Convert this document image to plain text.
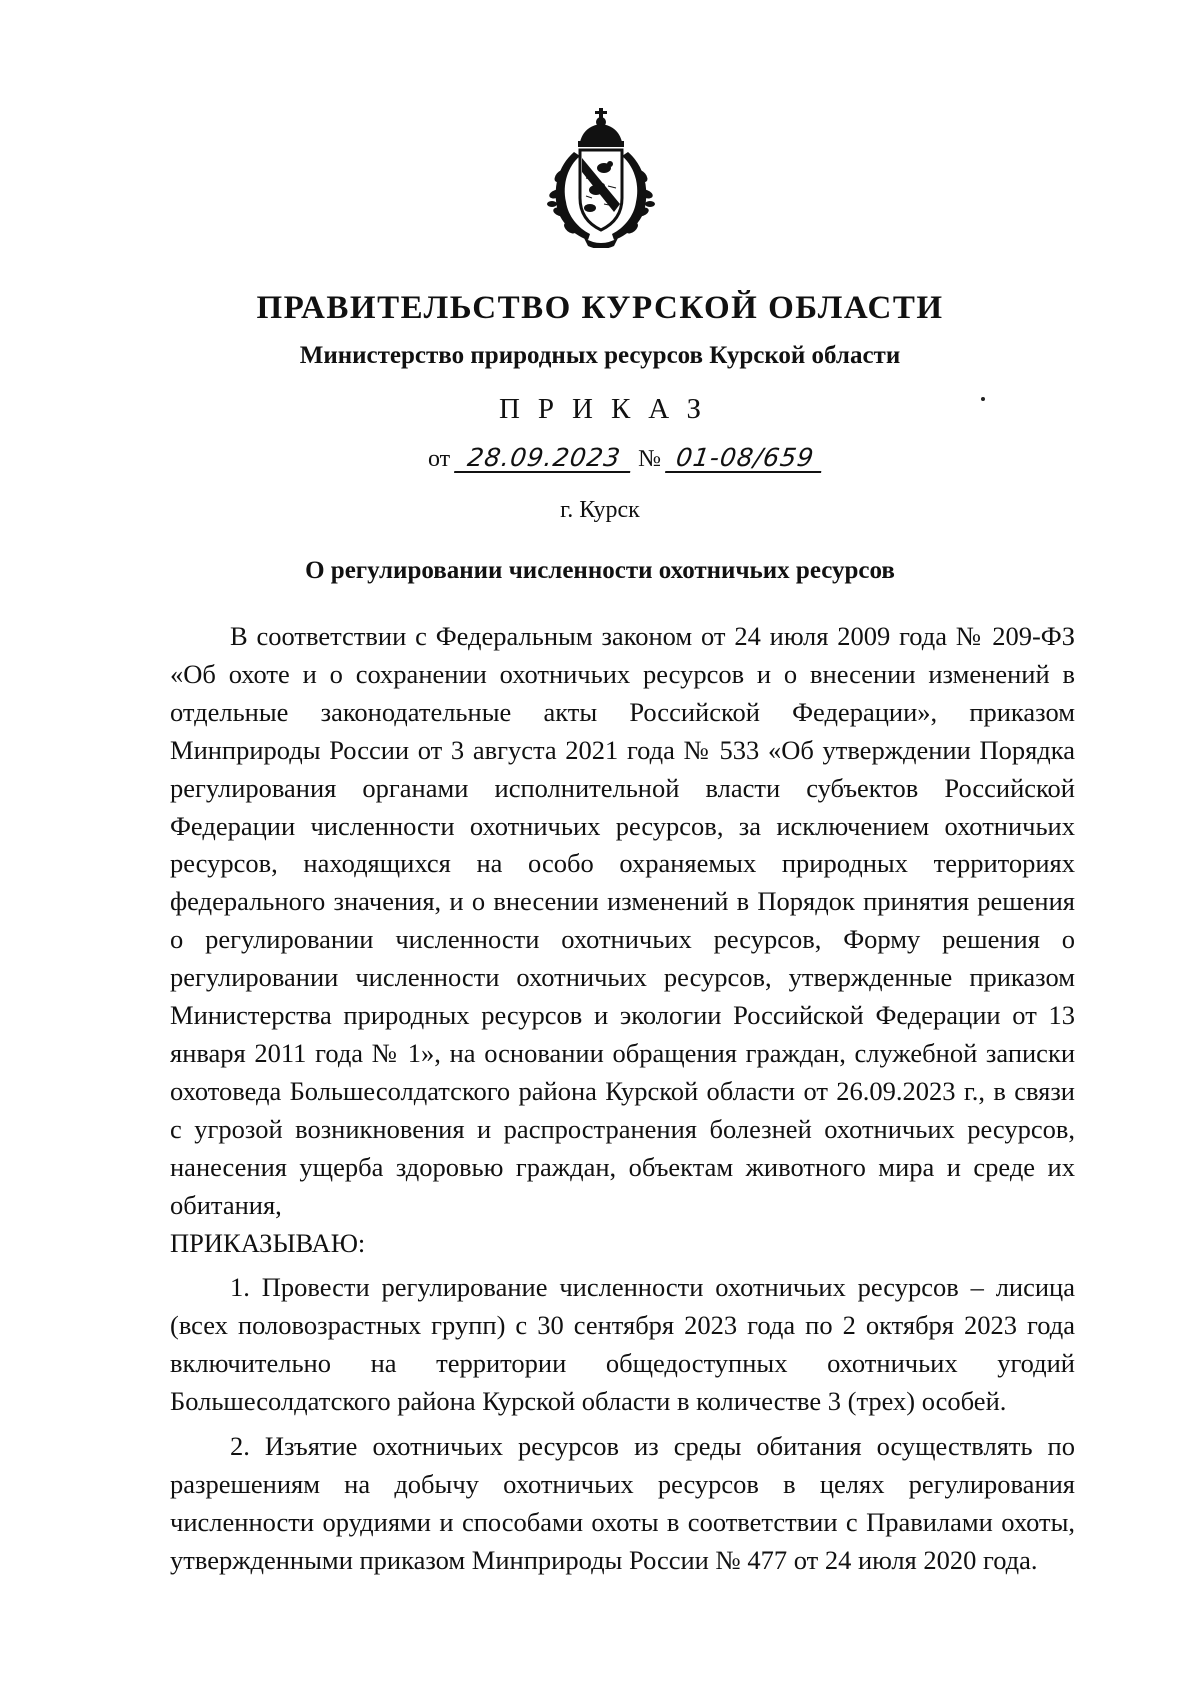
ПРАВИТЕЛЬСТВО КУРСКОЙ ОБЛАСТИ
Министерство природных ресурсов Курской области
ПРИКАЗ
от 28.09.2023 № 01-08/659
г. Курск
О регулировании численности охотничьих ресурсов

В соответствии с Федеральным законом от 24 июля 2009 года № 209-ФЗ «Об охоте и о сохранении охотничьих ресурсов и о внесении изменений в отдельные законодательные акты Российской Федерации», приказом Минприроды России от 3 августа 2021 года № 533 «Об утверждении Порядка регулирования органами исполнительной власти субъектов Российской Федерации численности охотничьих ресурсов, за исключением охотничьих ресурсов, находящихся на особо охраняемых природных территориях федерального значения, и о внесении изменений в Порядок принятия решения о регулировании численности охотничьих ресурсов, Форму решения о регулировании численности охотничьих ресурсов, утвержденные приказом Министерства природных ресурсов и экологии Российской Федерации от 13 января 2011 года № 1», на основании обращения граждан, служебной записки охотоведа Большесолдатского района Курской области от 26.09.2023 г., в связи с угрозой возникновения и распространения болезней охотничьих ресурсов, нанесения ущерба здоровью граждан, объектам животного мира и среде их обитания,
ПРИКАЗЫВАЮ:

1. Провести регулирование численности охотничьих ресурсов – лисица (всех половозрастных групп) с 30 сентября 2023 года по 2 октября 2023 года включительно на территории общедоступных охотничьих угодий Большесолдатского района Курской области в количестве 3 (трех) особей.

2. Изъятие охотничьих ресурсов из среды обитания осуществлять по разрешениям на добычу охотничьих ресурсов в целях регулирования численности орудиями и способами охоты в соответствии с Правилами охоты, утвержденными приказом Минприроды России № 477 от 24 июля 2020 года.
